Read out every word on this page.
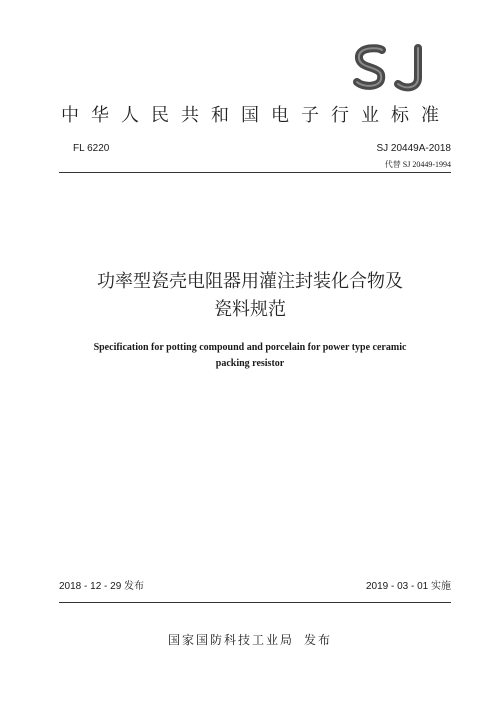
中华人民共和国电子行业标准
FL 6220	SJ 20449A-2018
代替 SJ 20449-1994
功率型瓷壳电阻器用灌注封装化合物及
瓷料规范
Specification for potting compound and porcelain for power type ceramic
packing resistor
2018 - 12 - 29 发布	2019 - 03 - 01 实施
国家国防科技工业局 发布
